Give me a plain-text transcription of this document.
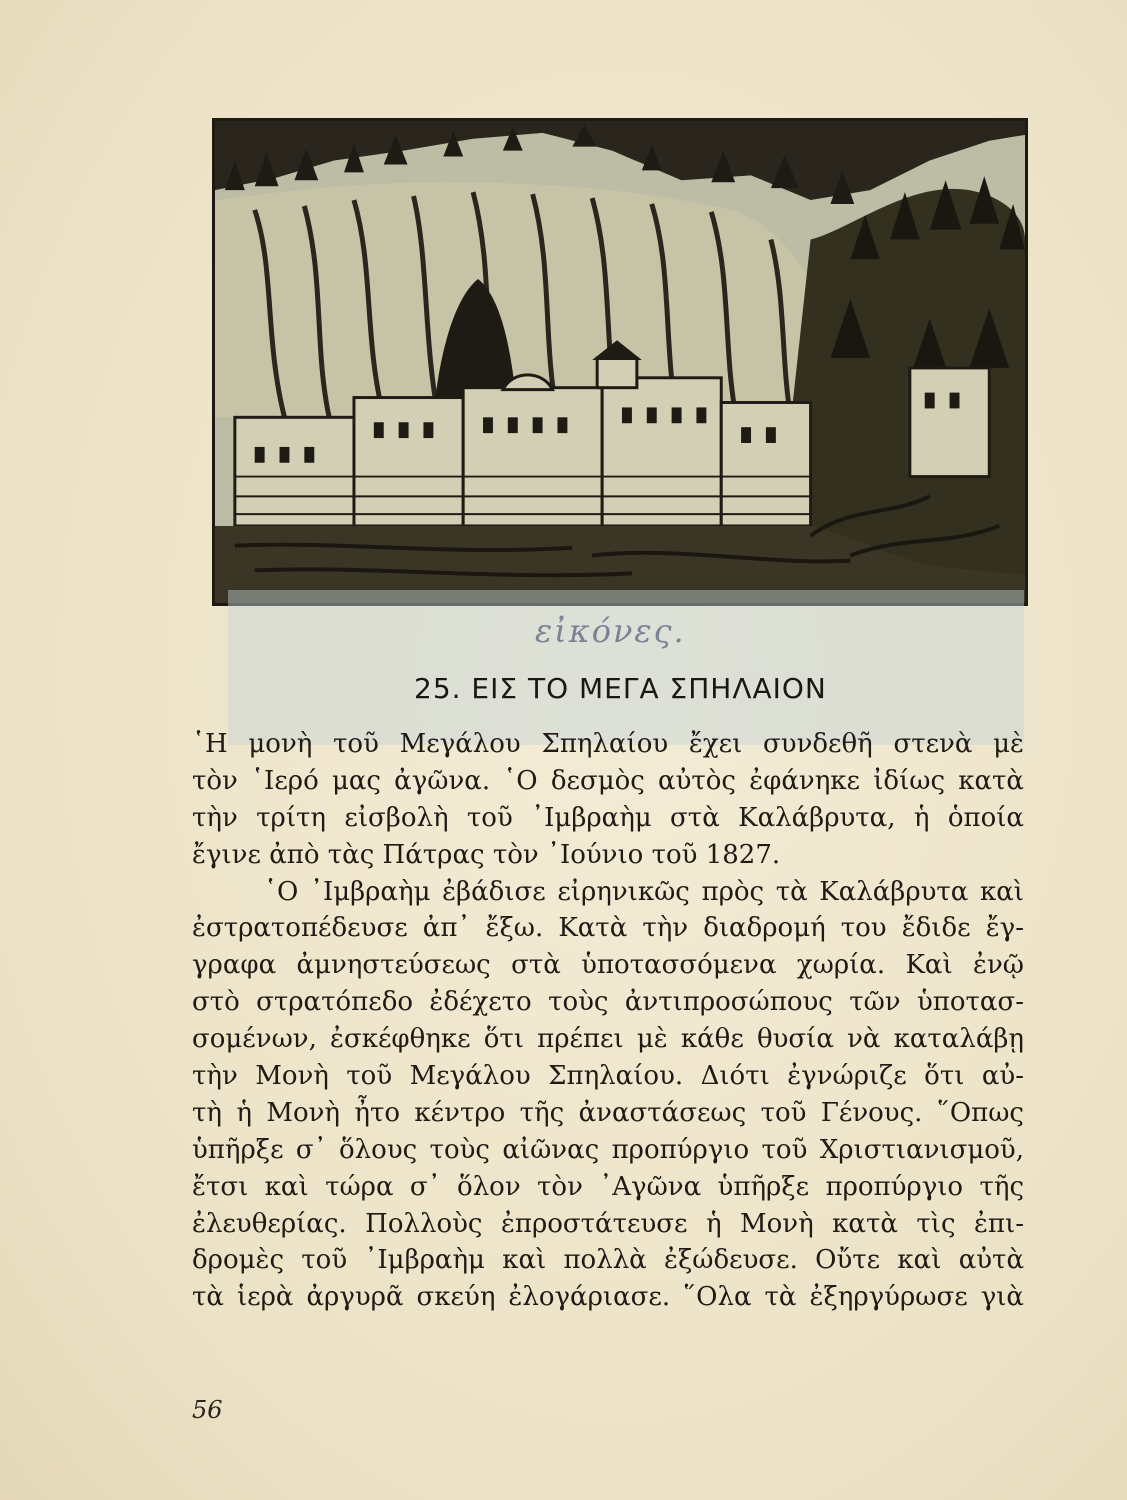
εἰκόνες.
25. ΕΙΣ ΤΟ ΜΕΓΑ ΣΠΗΛΑΙΟΝ
῾Η μονὴ τοῦ Μεγάλου Σπηλαίου ἔχει συνδεθῆ στενὰ μὲ
τὸν ῾Ιερό μας ἀγῶνα. ῾Ο δεσμὸς αὐτὸς ἐφάνηκε ἰδίως κατὰ
τὴν τρίτη εἰσβολὴ τοῦ ᾿Ιμβραὴμ στὰ Καλάβρυτα, ἡ ὁποία
ἔγινε ἀπὸ τὰς Πάτρας τὸν ᾿Ιούνιο τοῦ 1827.
῾Ο ᾿Ιμβραὴμ ἐβάδισε εἰρηνικῶς πρὸς τὰ Καλάβρυτα καὶ
ἐστρατοπέδευσε ἀπ᾿ ἔξω. Κατὰ τὴν διαδρομή του ἔδιδε ἔγ-
γραφα ἀμνηστεύσεως στὰ ὑποτασσόμενα χωρία. Καὶ ἐνῷ
στὸ στρατόπεδο ἐδέχετο τοὺς ἀντιπροσώπους τῶν ὑποτασ-
σομένων, ἐσκέφθηκε ὅτι πρέπει μὲ κάθε θυσία νὰ καταλάβῃ
τὴν Μονὴ τοῦ Μεγάλου Σπηλαίου. Διότι ἐγνώριζε ὅτι αὐ-
τὴ ἡ Μονὴ ἦτο κέντρο τῆς ἀναστάσεως τοῦ Γένους. ῞Οπως
ὑπῆρξε σ᾿ ὅλους τοὺς αἰῶνας προπύργιο τοῦ Χριστιανισμοῦ,
ἔτσι καὶ τώρα σ᾿ ὅλον τὸν ᾿Αγῶνα ὑπῆρξε προπύργιο τῆς
ἐλευθερίας. Πολλοὺς ἐπροστάτευσε ἡ Μονὴ κατὰ τὶς ἐπι-
δρομὲς τοῦ ᾿Ιμβραὴμ καὶ πολλὰ ἐξώδευσε. Οὔτε καὶ αὐτὰ
τὰ ἱερὰ ἀργυρᾶ σκεύη ἐλογάριασε. ῞Ολα τὰ ἐξηργύρωσε γιὰ
56
